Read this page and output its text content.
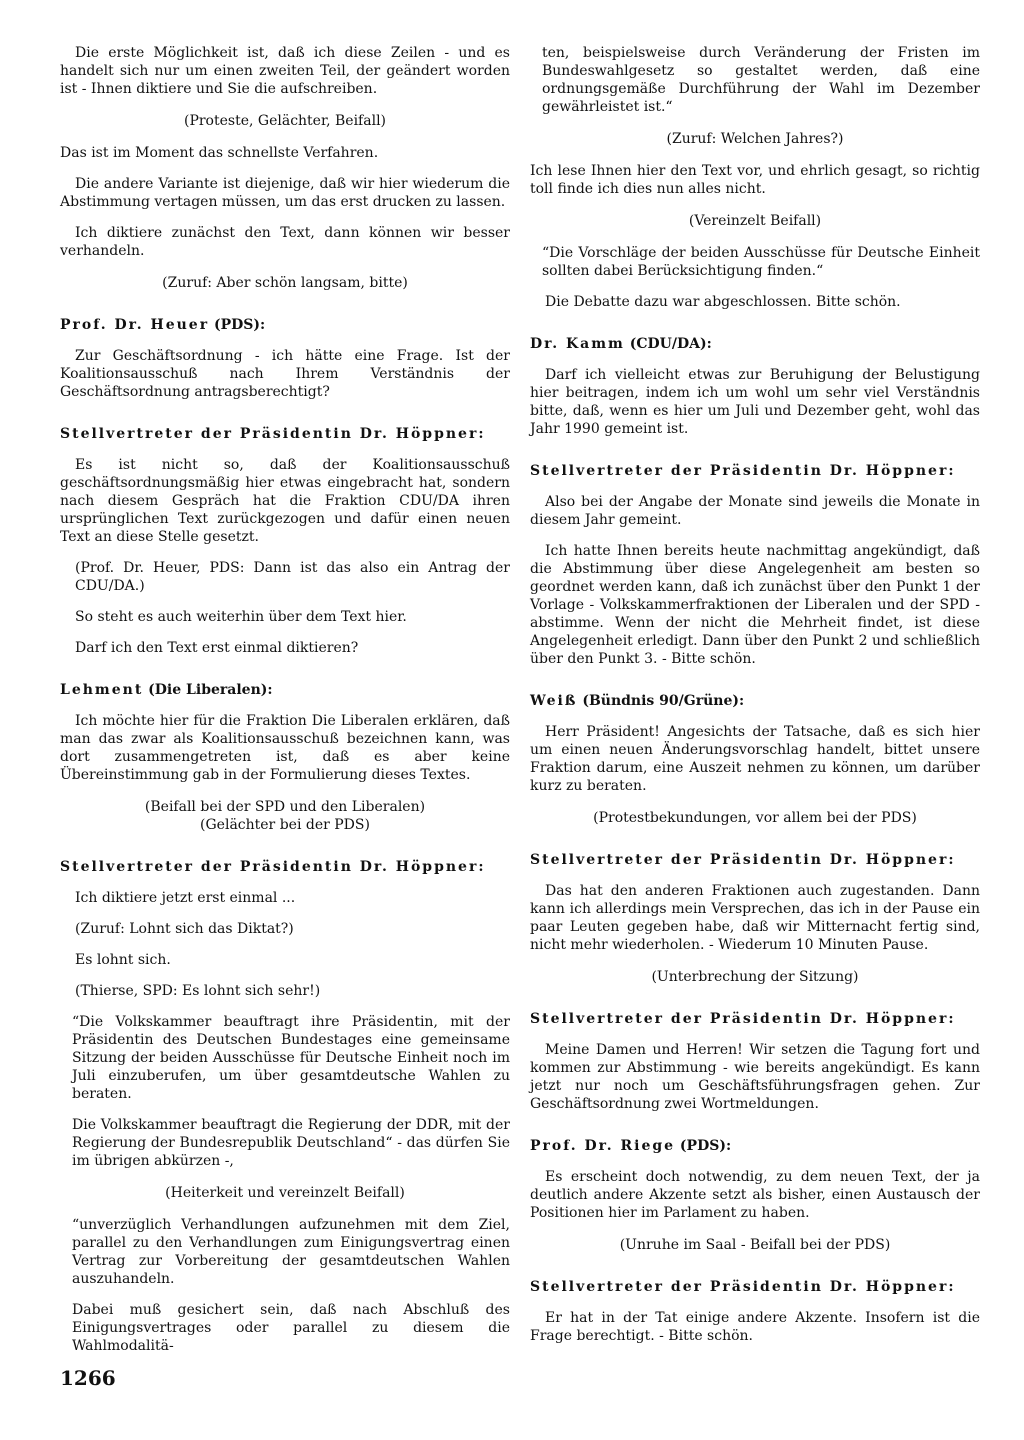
Die erste Möglichkeit ist, daß ich diese Zeilen - und es handelt sich nur um einen zweiten Teil, der geändert worden ist - Ihnen diktiere und Sie die aufschreiben.

(Proteste, Gelächter, Beifall)

Das ist im Moment das schnellste Verfahren.

Die andere Variante ist diejenige, daß wir hier wiederum die Abstimmung vertagen müssen, um das erst drucken zu lassen.

Ich diktiere zunächst den Text, dann können wir besser verhandeln.

(Zuruf: Aber schön langsam, bitte)

Prof. Dr. Heuer (PDS):

Zur Geschäftsordnung - ich hätte eine Frage. Ist der Koalitionsausschuß nach Ihrem Verständnis der Geschäftsordnung antragsberechtigt?

Stellvertreter der Präsidentin Dr. Höppner:

Es ist nicht so, daß der Koalitionsausschuß geschäftsordnungsmäßig hier etwas eingebracht hat, sondern nach diesem Gespräch hat die Fraktion CDU/DA ihren ursprünglichen Text zurückgezogen und dafür einen neuen Text an diese Stelle gesetzt.

(Prof. Dr. Heuer, PDS: Dann ist das also ein Antrag der CDU/DA.)

So steht es auch weiterhin über dem Text hier.

Darf ich den Text erst einmal diktieren?

Lehment (Die Liberalen):

Ich möchte hier für die Fraktion Die Liberalen erklären, daß man das zwar als Koalitionsausschuß bezeichnen kann, was dort zusammengetreten ist, daß es aber keine Übereinstimmung gab in der Formulierung dieses Textes.

(Beifall bei der SPD und den Liberalen)

(Gelächter bei der PDS)

Stellvertreter der Präsidentin Dr. Höppner:

Ich diktiere jetzt erst einmal ...

(Zuruf: Lohnt sich das Diktat?)

Es lohnt sich.

(Thierse, SPD: Es lohnt sich sehr!)

“Die Volkskammer beauftragt ihre Präsidentin, mit der Präsidentin des Deutschen Bundestages eine gemeinsame Sitzung der beiden Ausschüsse für Deutsche Einheit noch im Juli einzuberufen, um über gesamtdeutsche Wahlen zu beraten.

Die Volkskammer beauftragt die Regierung der DDR, mit der Regierung der Bundesrepublik Deutschland“ - das dürfen Sie im übrigen abkürzen -,

(Heiterkeit und vereinzelt Beifall)

“unverzüglich Verhandlungen aufzunehmen mit dem Ziel, parallel zu den Verhandlungen zum Einigungsvertrag einen Vertrag zur Vorbereitung der gesamtdeutschen Wahlen auszuhandeln.

Dabei muß gesichert sein, daß nach Abschluß des Einigungsvertrages oder parallel zu diesem die Wahlmodalitä-

ten, beispielsweise durch Veränderung der Fristen im Bundeswahlgesetz so gestaltet werden, daß eine ordnungsgemäße Durchführung der Wahl im Dezember gewährleistet ist.“

(Zuruf: Welchen Jahres?)

Ich lese Ihnen hier den Text vor, und ehrlich gesagt, so richtig toll finde ich dies nun alles nicht.

(Vereinzelt Beifall)

“Die Vorschläge der beiden Ausschüsse für Deutsche Einheit sollten dabei Berücksichtigung finden.“

Die Debatte dazu war abgeschlossen. Bitte schön.

Dr. Kamm (CDU/DA):

Darf ich vielleicht etwas zur Beruhigung der Belustigung hier beitragen, indem ich um wohl um sehr viel Verständnis bitte, daß, wenn es hier um Juli und Dezember geht, wohl das Jahr 1990 gemeint ist.

Stellvertreter der Präsidentin Dr. Höppner:

Also bei der Angabe der Monate sind jeweils die Monate in diesem Jahr gemeint.

Ich hatte Ihnen bereits heute nachmittag angekündigt, daß die Abstimmung über diese Angelegenheit am besten so geordnet werden kann, daß ich zunächst über den Punkt 1 der Vorlage - Volkskammerfraktionen der Liberalen und der SPD - abstimme. Wenn der nicht die Mehrheit findet, ist diese Angelegenheit erledigt. Dann über den Punkt 2 und schließlich über den Punkt 3. - Bitte schön.

Weiß (Bündnis 90/Grüne):

Herr Präsident! Angesichts der Tatsache, daß es sich hier um einen neuen Änderungsvorschlag handelt, bittet unsere Fraktion darum, eine Auszeit nehmen zu können, um darüber kurz zu beraten.

(Protestbekundungen, vor allem bei der PDS)

Stellvertreter der Präsidentin Dr. Höppner:

Das hat den anderen Fraktionen auch zugestanden. Dann kann ich allerdings mein Versprechen, das ich in der Pause ein paar Leuten gegeben habe, daß wir Mitternacht fertig sind, nicht mehr wiederholen. - Wiederum 10 Minuten Pause.

(Unterbrechung der Sitzung)

Stellvertreter der Präsidentin Dr. Höppner:

Meine Damen und Herren! Wir setzen die Tagung fort und kommen zur Abstimmung - wie bereits angekündigt. Es kann jetzt nur noch um Geschäftsführungsfragen gehen. Zur Geschäftsordnung zwei Wortmeldungen.

Prof. Dr. Riege (PDS):

Es erscheint doch notwendig, zu dem neuen Text, der ja deutlich andere Akzente setzt als bisher, einen Austausch der Positionen hier im Parlament zu haben.

(Unruhe im Saal - Beifall bei der PDS)

Stellvertreter der Präsidentin Dr. Höppner:

Er hat in der Tat einige andere Akzente. Insofern ist die Frage berechtigt. - Bitte schön.

1266
